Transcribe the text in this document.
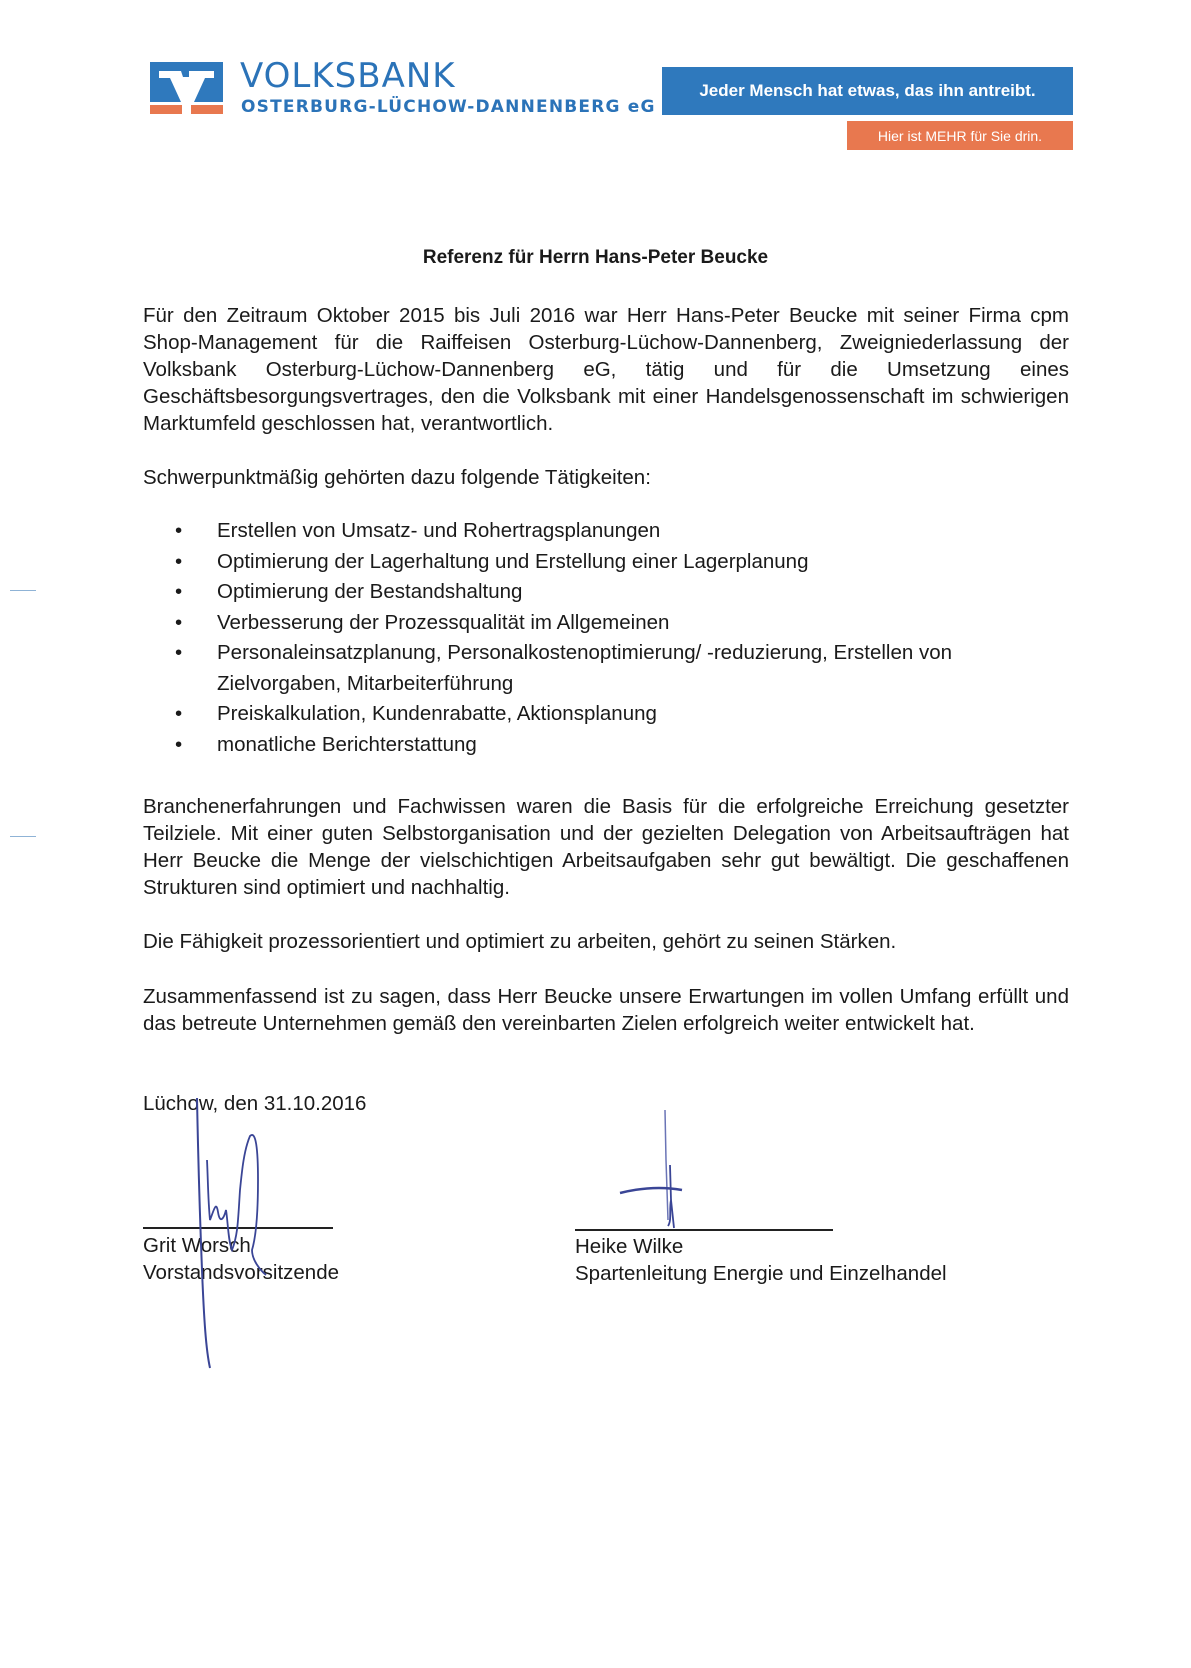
VOLKSBANK
OSTERBURG-LÜCHOW-DANNENBERG eG
Jeder Mensch hat etwas, das ihn antreibt.
Hier ist MEHR für Sie drin.
Referenz für Herrn Hans-Peter Beucke
Für den Zeitraum Oktober 2015 bis Juli 2016 war Herr Hans-Peter Beucke mit seiner Firma cpm Shop-Management für die Raiffeisen Osterburg-Lüchow-Dannenberg, Zweigniederlassung der Volksbank Osterburg-Lüchow-Dannenberg eG, tätig und für die Umsetzung eines Geschäftsbesorgungsvertrages, den die Volksbank mit einer Handelsgenossenschaft im schwierigen Marktumfeld geschlossen hat, verantwortlich.
Schwerpunktmäßig gehörten dazu folgende Tätigkeiten:
• Erstellen von Umsatz- und Rohertragsplanungen
• Optimierung der Lagerhaltung und Erstellung einer Lagerplanung
• Optimierung der Bestandshaltung
• Verbesserung der Prozessqualität im Allgemeinen
• Personaleinsatzplanung, Personalkostenoptimierung/ -reduzierung, Erstellen von Zielvorgaben, Mitarbeiterführung
• Preiskalkulation, Kundenrabatte, Aktionsplanung
• monatliche Berichterstattung
Branchenerfahrungen und Fachwissen waren die Basis für die erfolgreiche Erreichung gesetzter Teilziele. Mit einer guten Selbstorganisation und der gezielten Delegation von Arbeitsaufträgen hat Herr Beucke die Menge der vielschichtigen Arbeitsaufgaben sehr gut bewältigt. Die geschaffenen Strukturen sind optimiert und nachhaltig.
Die Fähigkeit prozessorientiert und optimiert zu arbeiten, gehört zu seinen Stärken.
Zusammenfassend ist zu sagen, dass Herr Beucke unsere Erwartungen im vollen Umfang erfüllt und das betreute Unternehmen gemäß den vereinbarten Zielen erfolgreich weiter entwickelt hat.
Lüchow, den 31.10.2016
Grit Worsch
Vorstandsvorsitzende
Heike Wilke
Spartenleitung Energie und Einzelhandel
